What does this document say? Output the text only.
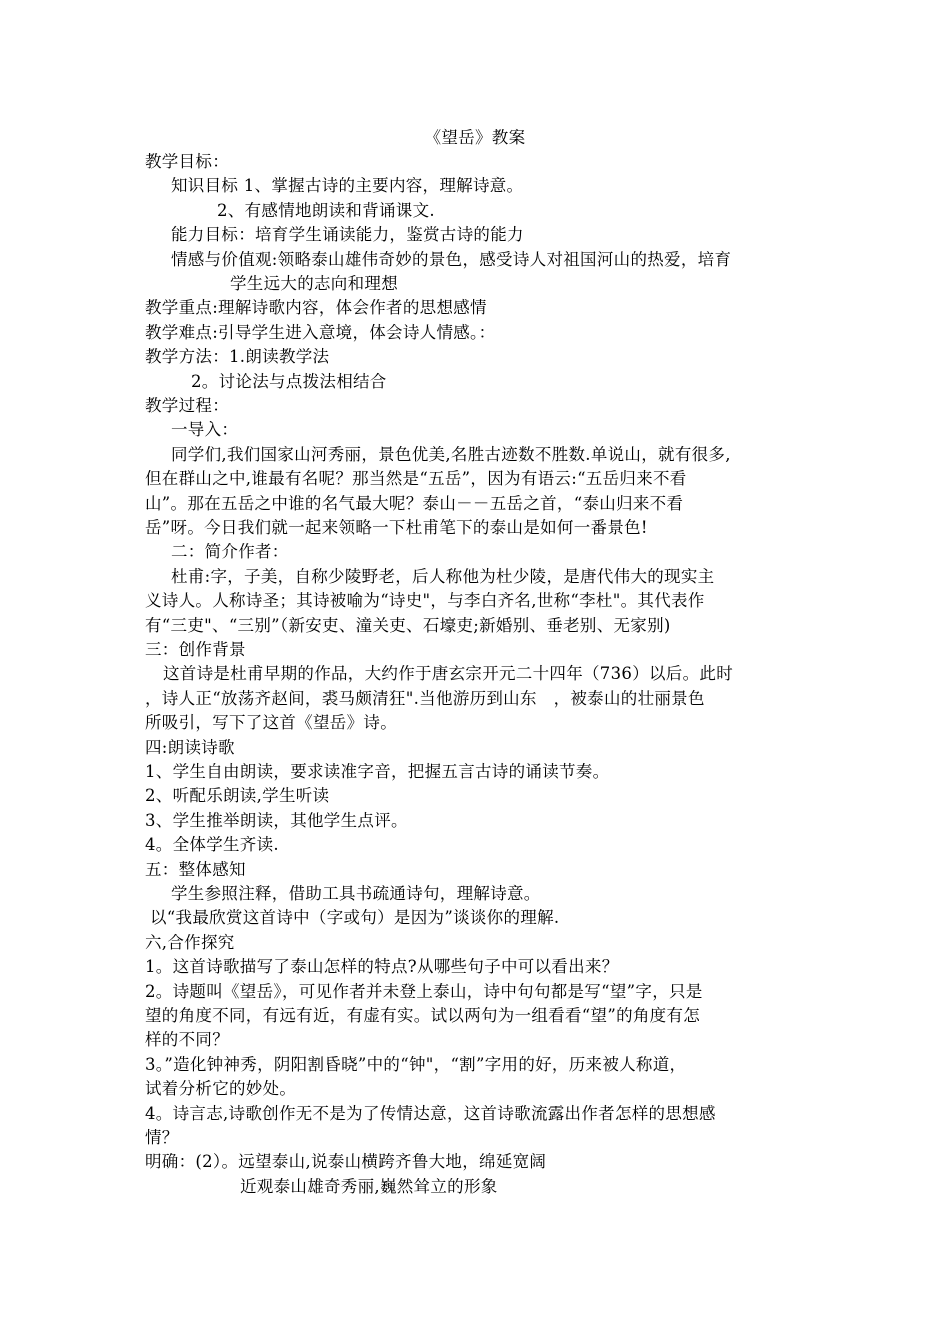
《望岳》教案
教学目标：
知识目标 1、掌握古诗的主要内容，理解诗意。
2、有感情地朗读和背诵课文.
能力目标：培育学生诵读能力，鉴赏古诗的能力
情感与价值观:领略泰山雄伟奇妙的景色，感受诗人对祖国河山的热爱，培育
学生远大的志向和理想
教学重点:理解诗歌内容，体会作者的思想感情
教学难点:引导学生进入意境，体会诗人情感。：
教学方法：1.朗读教学法
2。讨论法与点拨法相结合
教学过程：
一导入：
同学们,我们国家山河秀丽，景色优美,名胜古迹数不胜数.单说山，就有很多,
但在群山之中,谁最有名呢？那当然是“五岳”，因为有语云:“五岳归来不看
山”。那在五岳之中谁的名气最大呢？泰山－－五岳之首，“泰山归来不看
岳”呀。今日我们就一起来领略一下杜甫笔下的泰山是如何一番景色!
二：简介作者：
杜甫:字，子美，自称少陵野老，后人称他为杜少陵，是唐代伟大的现实主
义诗人。人称诗圣；其诗被喻为“诗史"，与李白齐名,世称“李杜"。其代表作
有“三吏"、“三别”（新安吏、潼关吏、石壕吏;新婚别、垂老别、无家别)
三：创作背景
这首诗是杜甫早期的作品，大约作于唐玄宗开元二十四年（736）以后。此时
，诗人正“放荡齐赵间，裘马颇清狂".当他游历到山东　，被泰山的壮丽景色
所吸引，写下了这首《望岳》诗。
四:朗读诗歌
1、学生自由朗读，要求读准字音，把握五言古诗的诵读节奏。
2、听配乐朗读,学生听读
3、学生推举朗读，其他学生点评。
4。全体学生齐读.
五：整体感知
学生参照注释，借助工具书疏通诗句，理解诗意。
以“我最欣赏这首诗中（字或句）是因为”谈谈你的理解.
六,合作探究
1。这首诗歌描写了泰山怎样的特点?从哪些句子中可以看出来？
2。诗题叫《望岳》，可见作者并未登上泰山，诗中句句都是写“望”字，只是
望的角度不同，有远有近，有虚有实。试以两句为一组看看“望”的角度有怎
样的不同？
3。”造化钟神秀，阴阳割昏晓”中的“钟"，“割”字用的好，历来被人称道，
试着分析它的妙处。
4。诗言志,诗歌创作无不是为了传情达意，这首诗歌流露出作者怎样的思想感
情？
明确：(2）。远望泰山,说泰山横跨齐鲁大地，绵延宽阔
近观泰山雄奇秀丽,巍然耸立的形象
